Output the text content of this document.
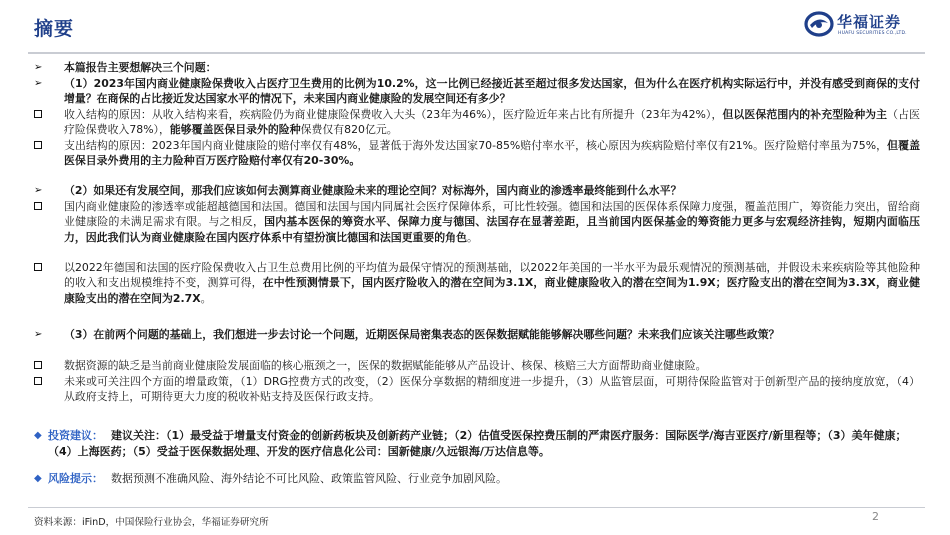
摘要	华福证券
HUAFU SECURITIES CO.,LTD.
➢	本篇报告主要想解决三个问题：
➢	（1）2023年国内商业健康险保费收入占医疗卫生费用的比例为10.2%，这一比例已经接近甚至超过很多发达国家，但为什么在医疗机构实际运行中，并没有感受到商保的支付增量？在商保的占比接近发达国家水平的情况下，未来国内商业健康险的发展空间还有多少？
收入结构的原因：从收入结构来看，疾病险仍为商业健康险保费收入大头（23年为46%），医疗险近年来占比有所提升（23年为42%），但以医保范围内的补充型险种为主（占医疗险保费收入78%），能够覆盖医保目录外的险种保费仅有820亿元。
支出结构的原因：2023年国内商业健康险的赔付率仅有48%，显著低于海外发达国家70-85%赔付率水平，核心原因为疾病险赔付率仅有21%。医疗险赔付率虽为75%，但覆盖医保目录外费用的主力险种百万医疗险赔付率仅有20-30%。
➢	（2）如果还有发展空间，那我们应该如何去测算商业健康险未来的理论空间？对标海外，国内商业的渗透率最终能到什么水平？
国内商业健康险的渗透率或能超越德国和法国。德国和法国与国内同属社会医疗保障体系，可比性较强。德国和法国的医保体系保障力度强，覆盖范围广，筹资能力突出，留给商业健康险的未满足需求有限。与之相反，国内基本医保的筹资水平、保障力度与德国、法国存在显著差距，且当前国内医保基金的筹资能力更多与宏观经济挂钩，短期内面临压力，因此我们认为商业健康险在国内医疗体系中有望扮演比德国和法国更重要的角色。
以2022年德国和法国的医疗险保费收入占卫生总费用比例的平均值为最保守情况的预测基础，以2022年美国的一半水平为最乐观情况的预测基础，并假设未来疾病险等其他险种的收入和支出规模维持不变，测算可得，在中性预测情景下，国内医疗险收入的潜在空间为3.1X，商业健康险收入的潜在空间为1.9X；医疗险支出的潜在空间为3.3X，商业健康险支出的潜在空间为2.7X。
➢	（3）在前两个问题的基础上，我们想进一步去讨论一个问题，近期医保局密集表态的医保数据赋能能够解决哪些问题？未来我们应该关注哪些政策？
数据资源的缺乏是当前商业健康险发展面临的核心瓶颈之一，医保的数据赋能能够从产品设计、核保、核赔三大方面帮助商业健康险。
未来或可关注四个方面的增量政策，（1）DRG控费方式的改变，（2）医保分享数据的精细度进一步提升，（3）从监管层面，可期待保险监管对于创新型产品的接纳度放宽，（4）从政府支持上，可期待更大力度的税收补贴支持及医保行政支持。
◆ 投资建议： 建议关注：（1）最受益于增量支付资金的创新药板块及创新药产业链；（2）估值受医保控费压制的严肃医疗服务：国际医学/海吉亚医疗/新里程等；（3）美年健康；（4）上海医药；（5）受益于医保数据处理、开发的医疗信息化公司：国新健康/久远银海/万达信息等。
◆ 风险提示： 数据预测不准确风险、海外结论不可比风险、政策监管风险、行业竞争加剧风险。
资料来源：iFinD，中国保险行业协会，华福证券研究所	2
